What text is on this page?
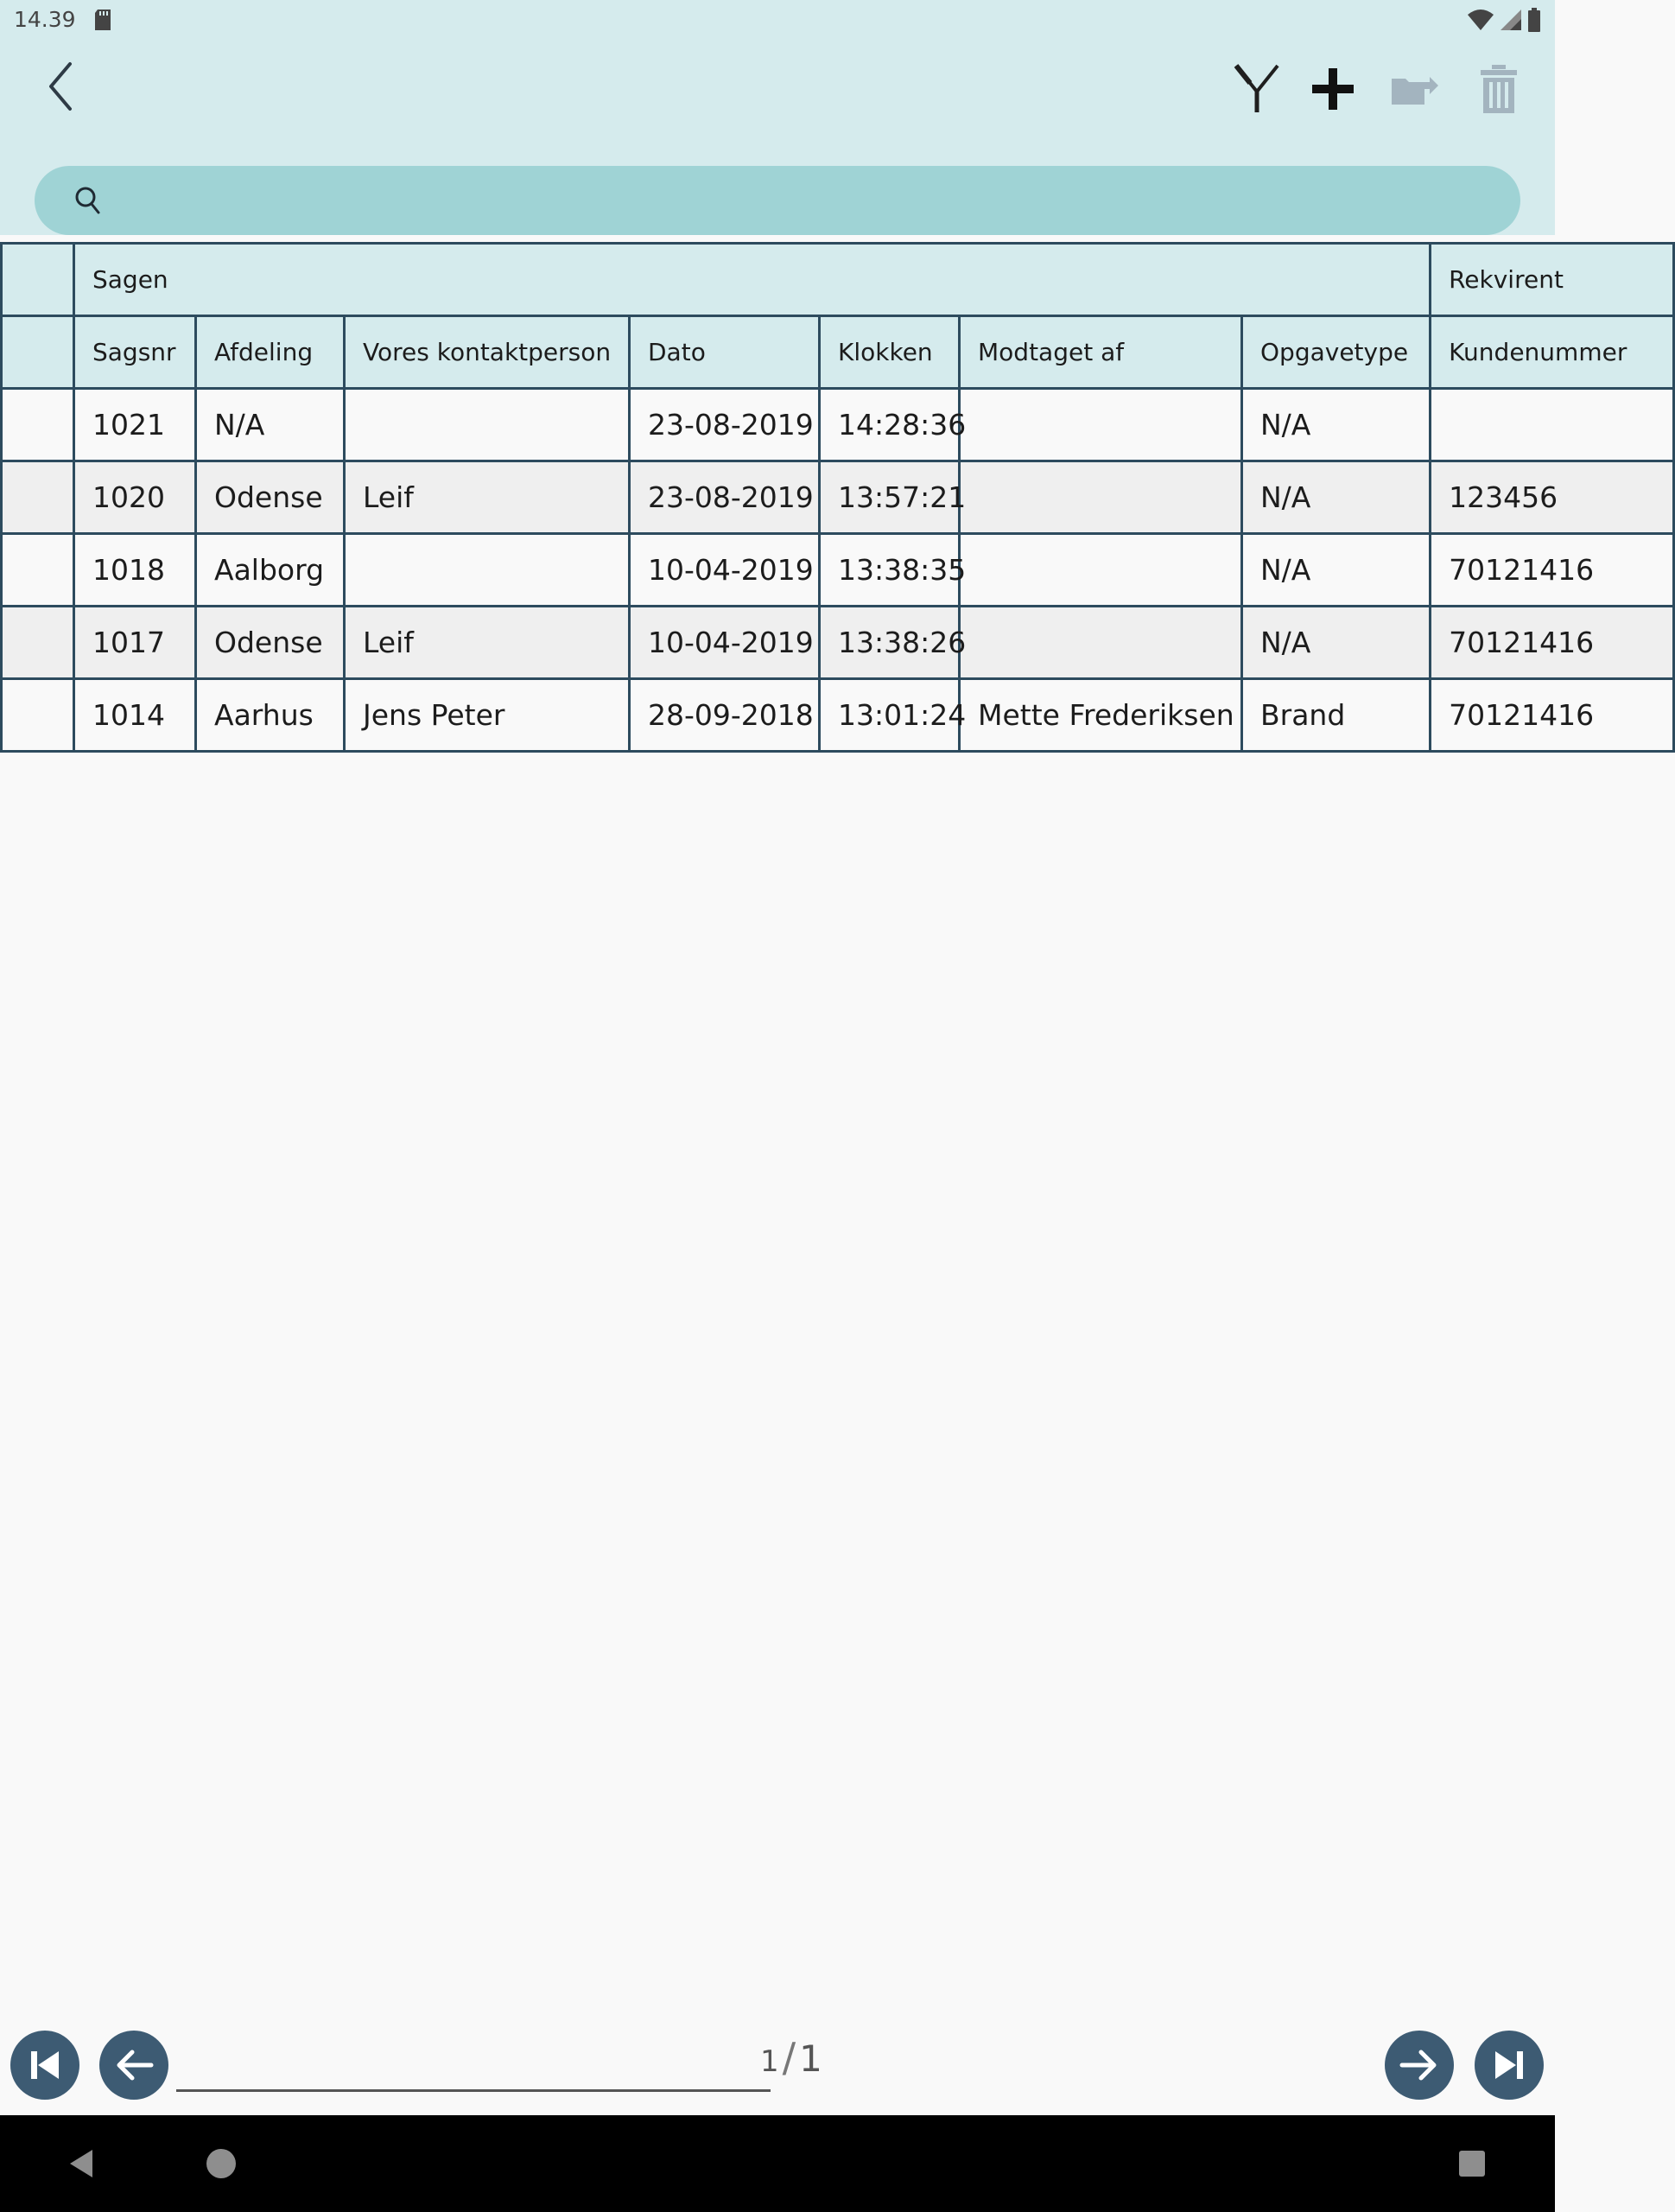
14.39
	Sagen							Rekvirent
	Sagsnr	Afdeling	Vores kontaktperson	Dato	Klokken	Modtaget af	Opgavetype	Kundenummer
	1021	N/A		23-08-2019	14:28:36		N/A	
	1020	Odense	Leif	23-08-2019	13:57:21		N/A	123456
	1018	Aalborg		10-04-2019	13:38:35		N/A	70121416
	1017	Odense	Leif	10-04-2019	13:38:26		N/A	70121416
	1014	Aarhus	Jens Peter	28-09-2018	13:01:24	Mette Frederiksen	Brand	70121416
1 / 1
